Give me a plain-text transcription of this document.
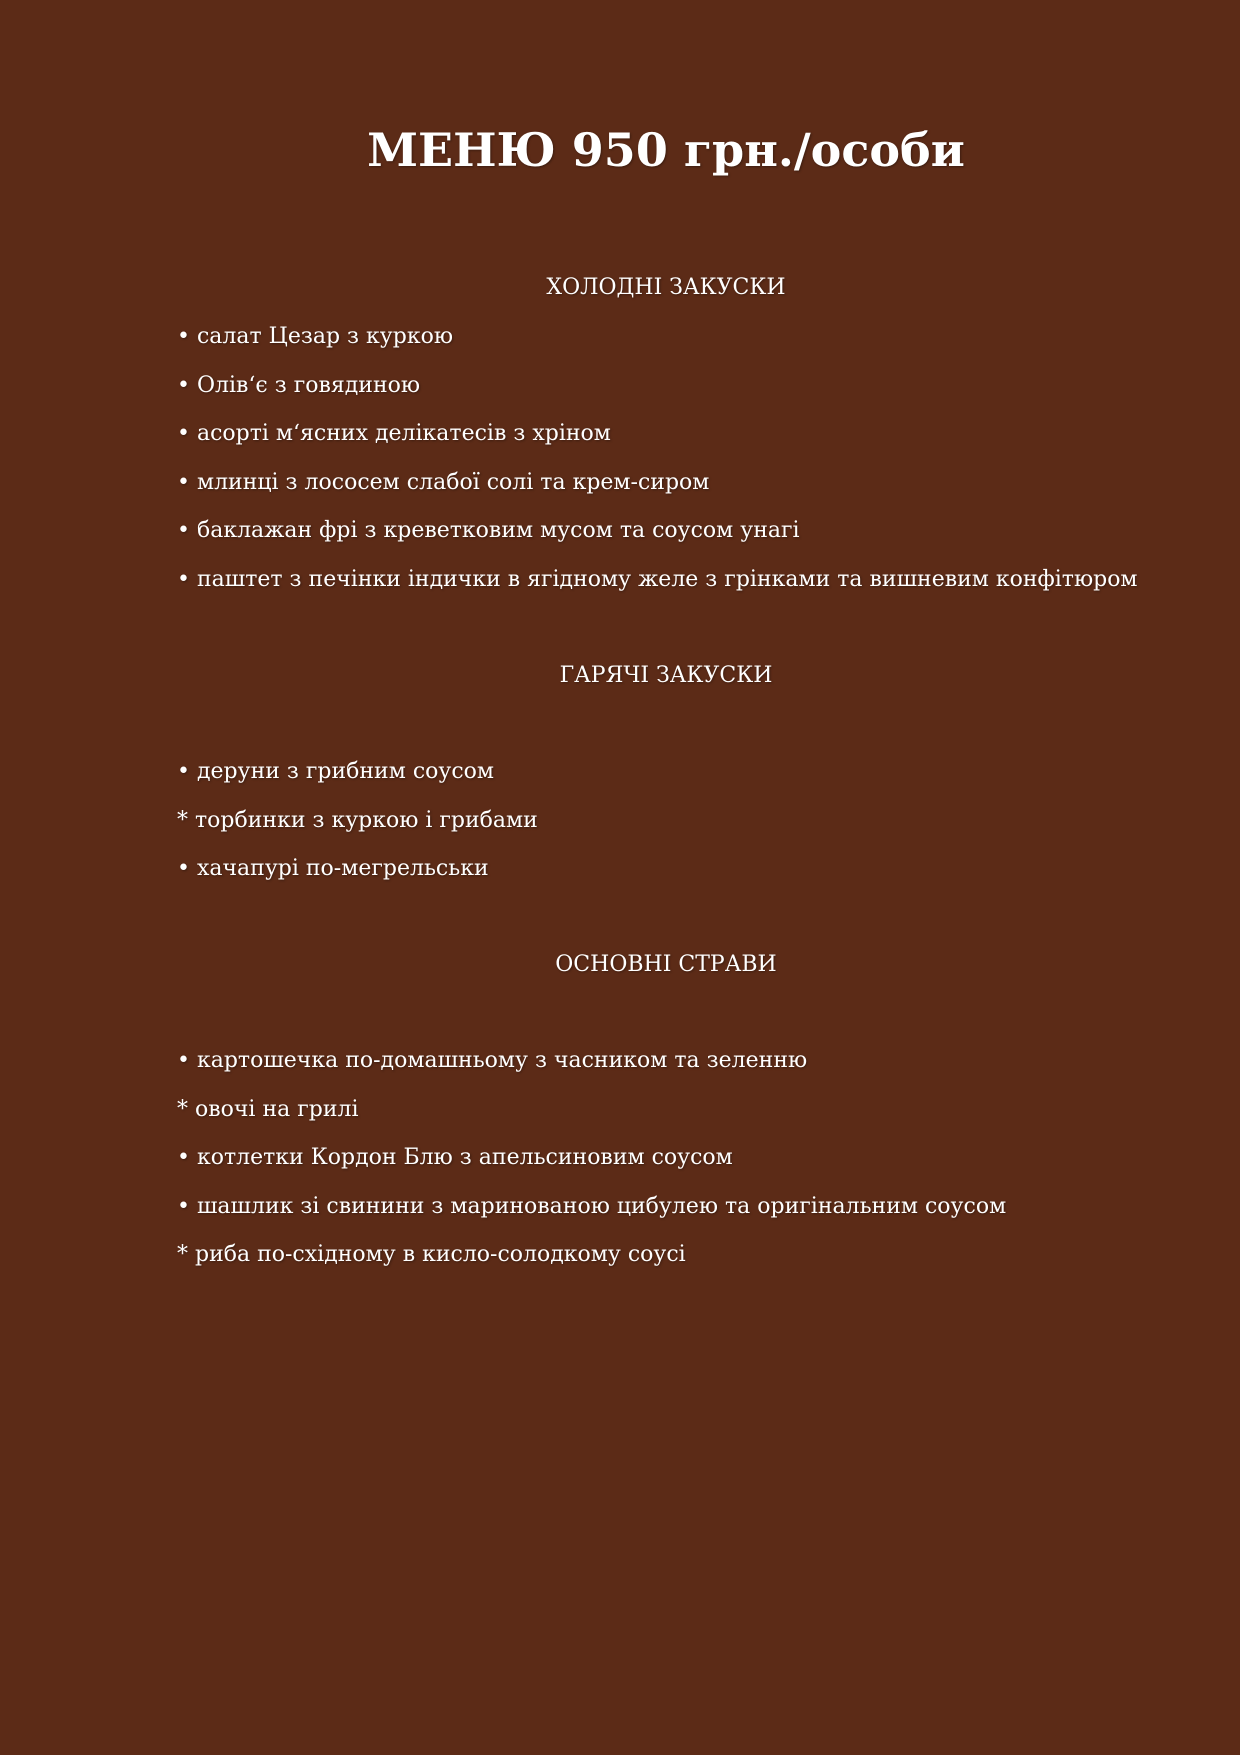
МЕНЮ 950 грн./особи
ХОЛОДНІ ЗАКУСКИ
• салат Цезар з куркою
• Олівʻє з говядиною
• асорті мʻясних делікатесів з хріном
• млинці з лососем слабої солі та крем-сиром
• баклажан фрі з креветковим мусом та соусом унагі
• паштет з печінки індички в ягідному желе з грінками та вишневим конфітюром
ГАРЯЧІ ЗАКУСКИ
• деруни з грибним соусом
* торбинки з куркою і грибами
• хачапурі по-мегрельськи
ОСНОВНІ СТРАВИ
• картошечка по-домашньому з часником та зеленню
* овочі на грилі
• котлетки Кордон Блю з апельсиновим соусом
• шашлик зі свинини з маринованою цибулею та оригінальним соусом
* риба по-східному в кисло-солодкому соусі
